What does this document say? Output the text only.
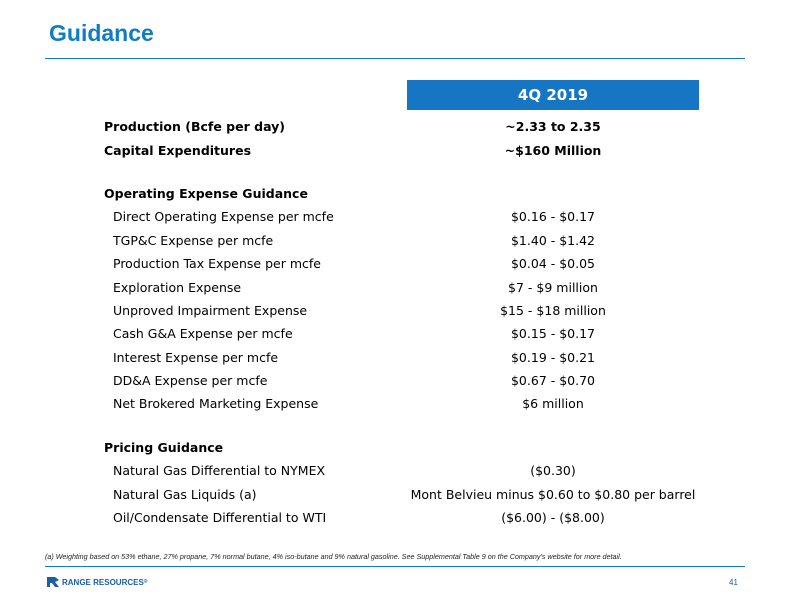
Guidance
4Q 2019
Production (Bcfe per day)	~2.33 to 2.35
Capital Expenditures	~$160 Million
Operating Expense Guidance
Direct Operating Expense per mcfe	$0.16 - $0.17
TGP&C Expense per mcfe	$1.40 - $1.42
Production Tax Expense per mcfe	$0.04 - $0.05
Exploration Expense	$7 - $9 million
Unproved Impairment Expense	$15 - $18 million
Cash G&A Expense per mcfe	$0.15 - $0.17
Interest Expense per mcfe	$0.19 - $0.21
DD&A Expense per mcfe	$0.67 - $0.70
Net Brokered Marketing Expense	$6 million
Pricing Guidance
Natural Gas Differential to NYMEX	($0.30)
Natural Gas Liquids (a)	Mont Belvieu minus $0.60 to $0.80 per barrel
Oil/Condensate Differential to WTI	($6.00) - ($8.00)
(a) Weighting based on 53% ethane, 27% propane, 7% normal butane, 4% iso-butane and 9% natural gasoline. See Supplemental Table 9 on the Company's website for more detail.
RANGE RESOURCES ®	41
